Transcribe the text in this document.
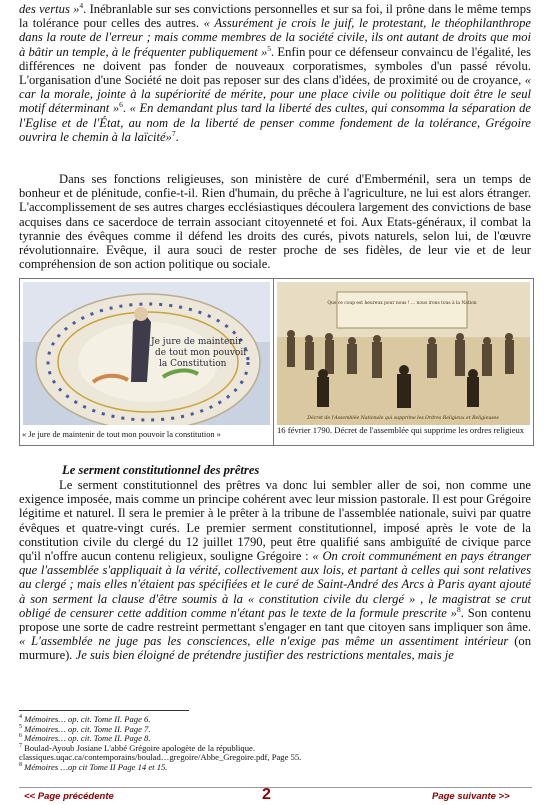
des vertus »$^4$. Inébranlable sur ses convictions personnelles et sur sa foi, il prône dans le même temps la tolérance pour celles des autres. « Assurément je crois le juif, le protestant, le théophilanthrope dans la route de l'erreur ; mais comme membres de la société civile, ils ont autant de droits que moi à bâtir un temple, à le fréquenter publiquement »$^5$. Enfin pour ce défenseur convaincu de l'égalité, les différences ne doivent pas fonder de nouveaux corporatismes, symboles d'un passé révolu. L'organisation d'une Société ne doit pas reposer sur des clans d'idées, de proximité ou de croyance, « car la morale, jointe à la supériorité de mérite, pour une place civile ou politique doit être le seul motif déterminant »$^6$. « En demandant plus tard la liberté des cultes, qui consomma la séparation de l'Eglise et de l'État, au nom de la liberté de penser comme fondement de la tolérance, Grégoire ouvrira le chemin à la laïcité»$^7$.

Dans ses fonctions religieuses, son ministère de curé d'Emberménil, sera un temps de bonheur et de plénitude, confie-t-il. Rien d'humain, du prêche à l'agriculture, ne lui est alors étranger. L'accomplissement de ses autres charges ecclésiastiques découlera largement des convictions de base acquises dans ce sacerdoce de terrain associant citoyenneté et foi. Aux Etats-généraux, il combat la tyrannie des évêques comme il défend les droits des curés, pivots naturels, selon lui, de l'œuvre révolutionnaire. Evêque, il aura souci de rester proche de ses fidèles, de leur vie et de leur compréhension de son action politique ou sociale.

Je jure de maintenir
de tout mon pouvoir
la Constitution
« Je jure de maintenir de tout mon pouvoir la constitution »
Que ce coup est heureux pour nous ! ... nous irons tous à la Nation
Décret de l'Assemblée Nationale qui supprime les Ordres Religieux et Religieuses
16 février 1790. Décret de l'assemblée qui supprime les ordres religieux
Le serment constitutionnel des prêtres

Le serment constitutionnel des prêtres va donc lui sembler aller de soi, non comme une exigence imposée, mais comme un principe cohérent avec leur mission pastorale. Il est pour Grégoire légitime et naturel. Il sera le premier à le prêter à la tribune de l'assemblée nationale, suivi par quatre évêques et quatre-vingt curés. Le premier serment constitutionnel, imposé après le vote de la constitution civile du clergé du 12 juillet 1790, peut être qualifié sans ambiguïté de civique parce qu'il n'offre aucun contenu religieux, souligne Grégoire : « On croit communément en pays étranger que l'assemblée s'appliquait à la vérité, collectivement aux lois, et partant à celles qui sont relatives au clergé ; mais elles n'étaient pas spécifiées et le curé de Saint-André des Arcs à Paris ayant ajouté à son serment la clause d'être soumis à la « constitution civile du clergé » , le magistrat se crut obligé de censurer cette addition comme n'étant pas le texte de la formule prescrite »$^8$. Son contenu propose une sorte de cadre restreint permettant s'engager en tant que citoyen sans impliquer son âme. « L'assemblée ne juge pas les consciences, elle n'exige pas même un assentiment intérieur (on murmure). Je suis bien éloigné de prétendre justifier des restrictions mentales, mais je

$^4$ Mémoires… op. cit. Tome II. Page 6.
$^5$ Mémoires… op. cit. Tome II. Page 7.
$^6$ Mémoires… op. cit. Tome II. Page 8.
$^7$ Boulad-Ayoub Josiane L'abbé Grégoire apologète de la république.
classiques.uqac.ca/contemporains/boulad…gregoire/Abbe_Gregoire.pdf, Page 55.
$^8$ Mémoires …op cit Tome II Page 14 et 15.
<< Page précédente	2	Page suivante >>
